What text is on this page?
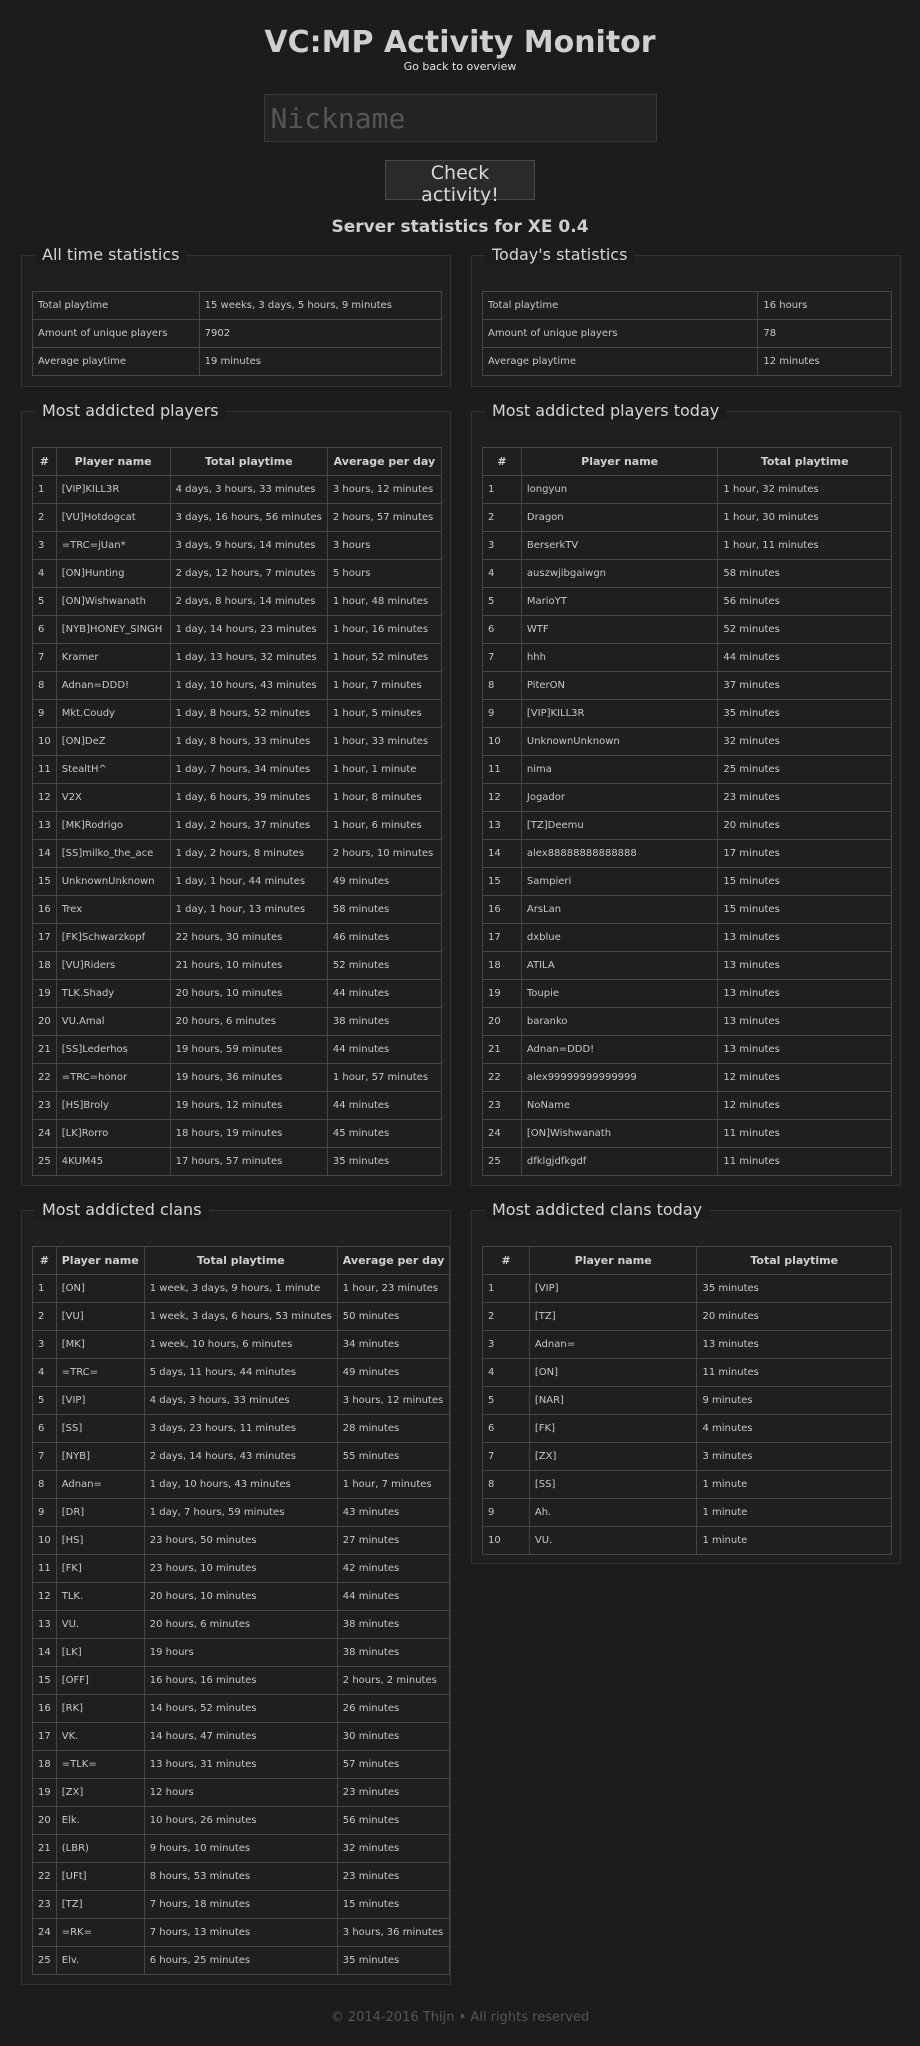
VC:MP Activity Monitor
Go back to overview
Nickname
Check activity!
Server statistics for XE 0.4
All time statistics
Total playtime	15 weeks, 3 days, 5 hours, 9 minutes
Amount of unique players	7902
Average playtime	19 minutes
Today's statistics
Total playtime	16 hours
Amount of unique players	78
Average playtime	12 minutes
Most addicted players
#	Player name	Total playtime	Average per day
1	[VIP]KILL3R	4 days, 3 hours, 33 minutes	3 hours, 12 minutes
2	[VU]Hotdogcat	3 days, 16 hours, 56 minutes	2 hours, 57 minutes
3	=TRC=jUan*	3 days, 9 hours, 14 minutes	3 hours
4	[ON]Hunting	2 days, 12 hours, 7 minutes	5 hours
5	[ON]Wishwanath	2 days, 8 hours, 14 minutes	1 hour, 48 minutes
6	[NYB]HONEY_SINGH	1 day, 14 hours, 23 minutes	1 hour, 16 minutes
7	Kramer	1 day, 13 hours, 32 minutes	1 hour, 52 minutes
8	Adnan=DDD!	1 day, 10 hours, 43 minutes	1 hour, 7 minutes
9	Mkt.Coudy	1 day, 8 hours, 52 minutes	1 hour, 5 minutes
10	[ON]DeZ	1 day, 8 hours, 33 minutes	1 hour, 33 minutes
11	StealtH^	1 day, 7 hours, 34 minutes	1 hour, 1 minute
12	V2X	1 day, 6 hours, 39 minutes	1 hour, 8 minutes
13	[MK]Rodrigo	1 day, 2 hours, 37 minutes	1 hour, 6 minutes
14	[SS]milko_the_ace	1 day, 2 hours, 8 minutes	2 hours, 10 minutes
15	UnknownUnknown	1 day, 1 hour, 44 minutes	49 minutes
16	Trex	1 day, 1 hour, 13 minutes	58 minutes
17	[FK]Schwarzkopf	22 hours, 30 minutes	46 minutes
18	[VU]Riders	21 hours, 10 minutes	52 minutes
19	TLK.Shady	20 hours, 10 minutes	44 minutes
20	VU.Amal	20 hours, 6 minutes	38 minutes
21	[SS]Lederhos	19 hours, 59 minutes	44 minutes
22	=TRC=honor	19 hours, 36 minutes	1 hour, 57 minutes
23	[HS]Broly	19 hours, 12 minutes	44 minutes
24	[LK]Rorro	18 hours, 19 minutes	45 minutes
25	4KUM45	17 hours, 57 minutes	35 minutes
Most addicted players today
#	Player name	Total playtime
1	longyun	1 hour, 32 minutes
2	Dragon	1 hour, 30 minutes
3	BerserkTV	1 hour, 11 minutes
4	auszwjibgaiwgn	58 minutes
5	MarioYT	56 minutes
6	WTF	52 minutes
7	hhh	44 minutes
8	PiterON	37 minutes
9	[VIP]KILL3R	35 minutes
10	UnknownUnknown	32 minutes
11	nima	25 minutes
12	Jogador	23 minutes
13	[TZ]Deemu	20 minutes
14	alex88888888888888	17 minutes
15	Sampieri	15 minutes
16	ArsLan	15 minutes
17	dxblue	13 minutes
18	ATILA	13 minutes
19	Toupie	13 minutes
20	baranko	13 minutes
21	Adnan=DDD!	13 minutes
22	alex99999999999999	12 minutes
23	NoName	12 minutes
24	[ON]Wishwanath	11 minutes
25	dfklgjdfkgdf	11 minutes
Most addicted clans
#	Player name	Total playtime	Average per day
1	[ON]	1 week, 3 days, 9 hours, 1 minute	1 hour, 23 minutes
2	[VU]	1 week, 3 days, 6 hours, 53 minutes	50 minutes
3	[MK]	1 week, 10 hours, 6 minutes	34 minutes
4	=TRC=	5 days, 11 hours, 44 minutes	49 minutes
5	[VIP]	4 days, 3 hours, 33 minutes	3 hours, 12 minutes
6	[SS]	3 days, 23 hours, 11 minutes	28 minutes
7	[NYB]	2 days, 14 hours, 43 minutes	55 minutes
8	Adnan=	1 day, 10 hours, 43 minutes	1 hour, 7 minutes
9	[DR]	1 day, 7 hours, 59 minutes	43 minutes
10	[HS]	23 hours, 50 minutes	27 minutes
11	[FK]	23 hours, 10 minutes	42 minutes
12	TLK.	20 hours, 10 minutes	44 minutes
13	VU.	20 hours, 6 minutes	38 minutes
14	[LK]	19 hours	38 minutes
15	[OFF]	16 hours, 16 minutes	2 hours, 2 minutes
16	[RK]	14 hours, 52 minutes	26 minutes
17	VK.	14 hours, 47 minutes	30 minutes
18	=TLK=	13 hours, 31 minutes	57 minutes
19	[ZX]	12 hours	23 minutes
20	Elk.	10 hours, 26 minutes	56 minutes
21	(LBR)	9 hours, 10 minutes	32 minutes
22	[UFt]	8 hours, 53 minutes	23 minutes
23	[TZ]	7 hours, 18 minutes	15 minutes
24	=RK=	7 hours, 13 minutes	3 hours, 36 minutes
25	Elv.	6 hours, 25 minutes	35 minutes
Most addicted clans today
#	Player name	Total playtime
1	[VIP]	35 minutes
2	[TZ]	20 minutes
3	Adnan=	13 minutes
4	[ON]	11 minutes
5	[NAR]	9 minutes
6	[FK]	4 minutes
7	[ZX]	3 minutes
8	[SS]	1 minute
9	Ah.	1 minute
10	VU.	1 minute
© 2014-2016 Thijn • All rights reserved
